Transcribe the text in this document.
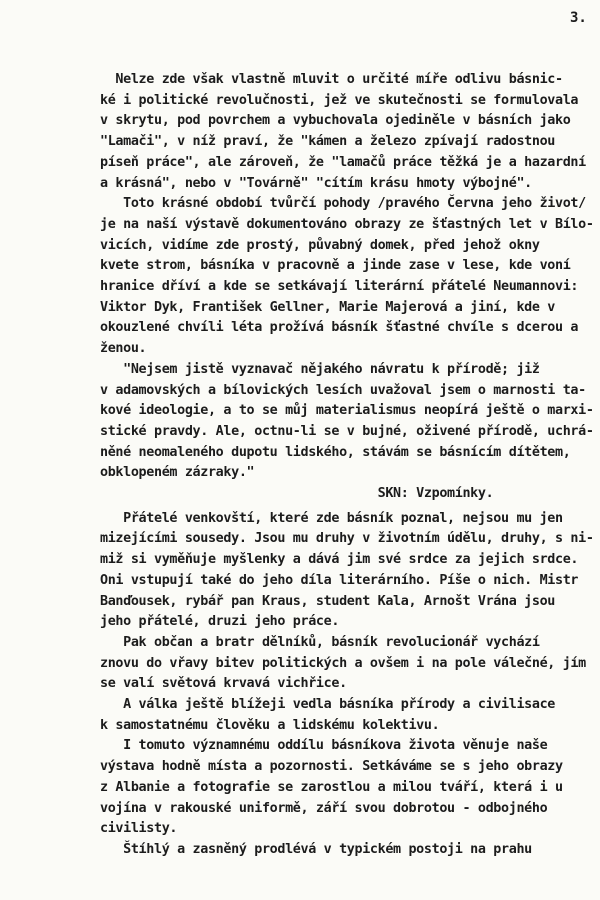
3.
Nelze zde však vlastně mluvit o určité míře odlivu básnic-
ké i politické revolučnosti, jež ve skutečnosti se formulovala
v skrytu, pod povrchem a vybuchovala ojediněle v básních jako
"Lamači", v níž praví, že "kámen a železo zpívají radostnou
píseň práce", ale zároveň, že "lamačů práce těžká je a hazardní
a krásná", nebo v "Továrně" "cítím krásu hmoty výbojné".
Toto krásné období tvůrčí pohody /pravého Června jeho život/
je na naší výstavě dokumentováno obrazy ze šťastných let v Bílo-
vicích, vidíme zde prostý, půvabný domek, před jehož okny
kvete strom, básníka v pracovně a jinde zase v lese, kde voní
hranice dříví a kde se setkávají literární přátelé Neumannovi:
Viktor Dyk, František Gellner, Marie Majerová a jiní, kde v
okouzlené chvíli léta prožívá básník šťastné chvíle s dcerou a
ženou.
"Nejsem jistě vyznavač nějakého návratu k přírodě; již
v adamovských a bílovických lesích uvažoval jsem o marnosti ta-
kové ideologie, a to se můj materialismus neopírá ještě o marxi-
stické pravdy. Ale, octnu-li se v bujné, oživené přírodě, uchrá-
něné neomaleného dupotu lidského, stávám se básnícím dítětem,
obklopeném zázraky."
SKN: Vzpomínky.
Přátelé venkovští, které zde básník poznal, nejsou mu jen
mizejícími sousedy. Jsou mu druhy v životním údělu, druhy, s ni-
miž si vyměňuje myšlenky a dává jim své srdce za jejich srdce.
Oni vstupují také do jeho díla literárního. Píše o nich. Mistr
Banďousek, rybář pan Kraus, student Kala, Arnošt Vrána jsou
jeho přátelé, druzi jeho práce.
Pak občan a bratr dělníků, básník revolucionář vychází
znovu do vřavy bitev politických a ovšem i na pole válečné, jím
se valí světová krvavá vichřice.
A válka ještě blížeji vedla básníka přírody a civilisace
k samostatnému člověku a lidskému kolektivu.
I tomuto významnému oddílu básníkova života věnuje naše
výstava hodně místa a pozornosti. Setkáváme se s jeho obrazy
z Albanie a fotografie se zarostlou a milou tváří, která i u
vojína v rakouské uniformě, září svou dobrotou - odbojného
civilisty.
Štíhlý a zasněný prodlévá v typickém postoji na prahu
